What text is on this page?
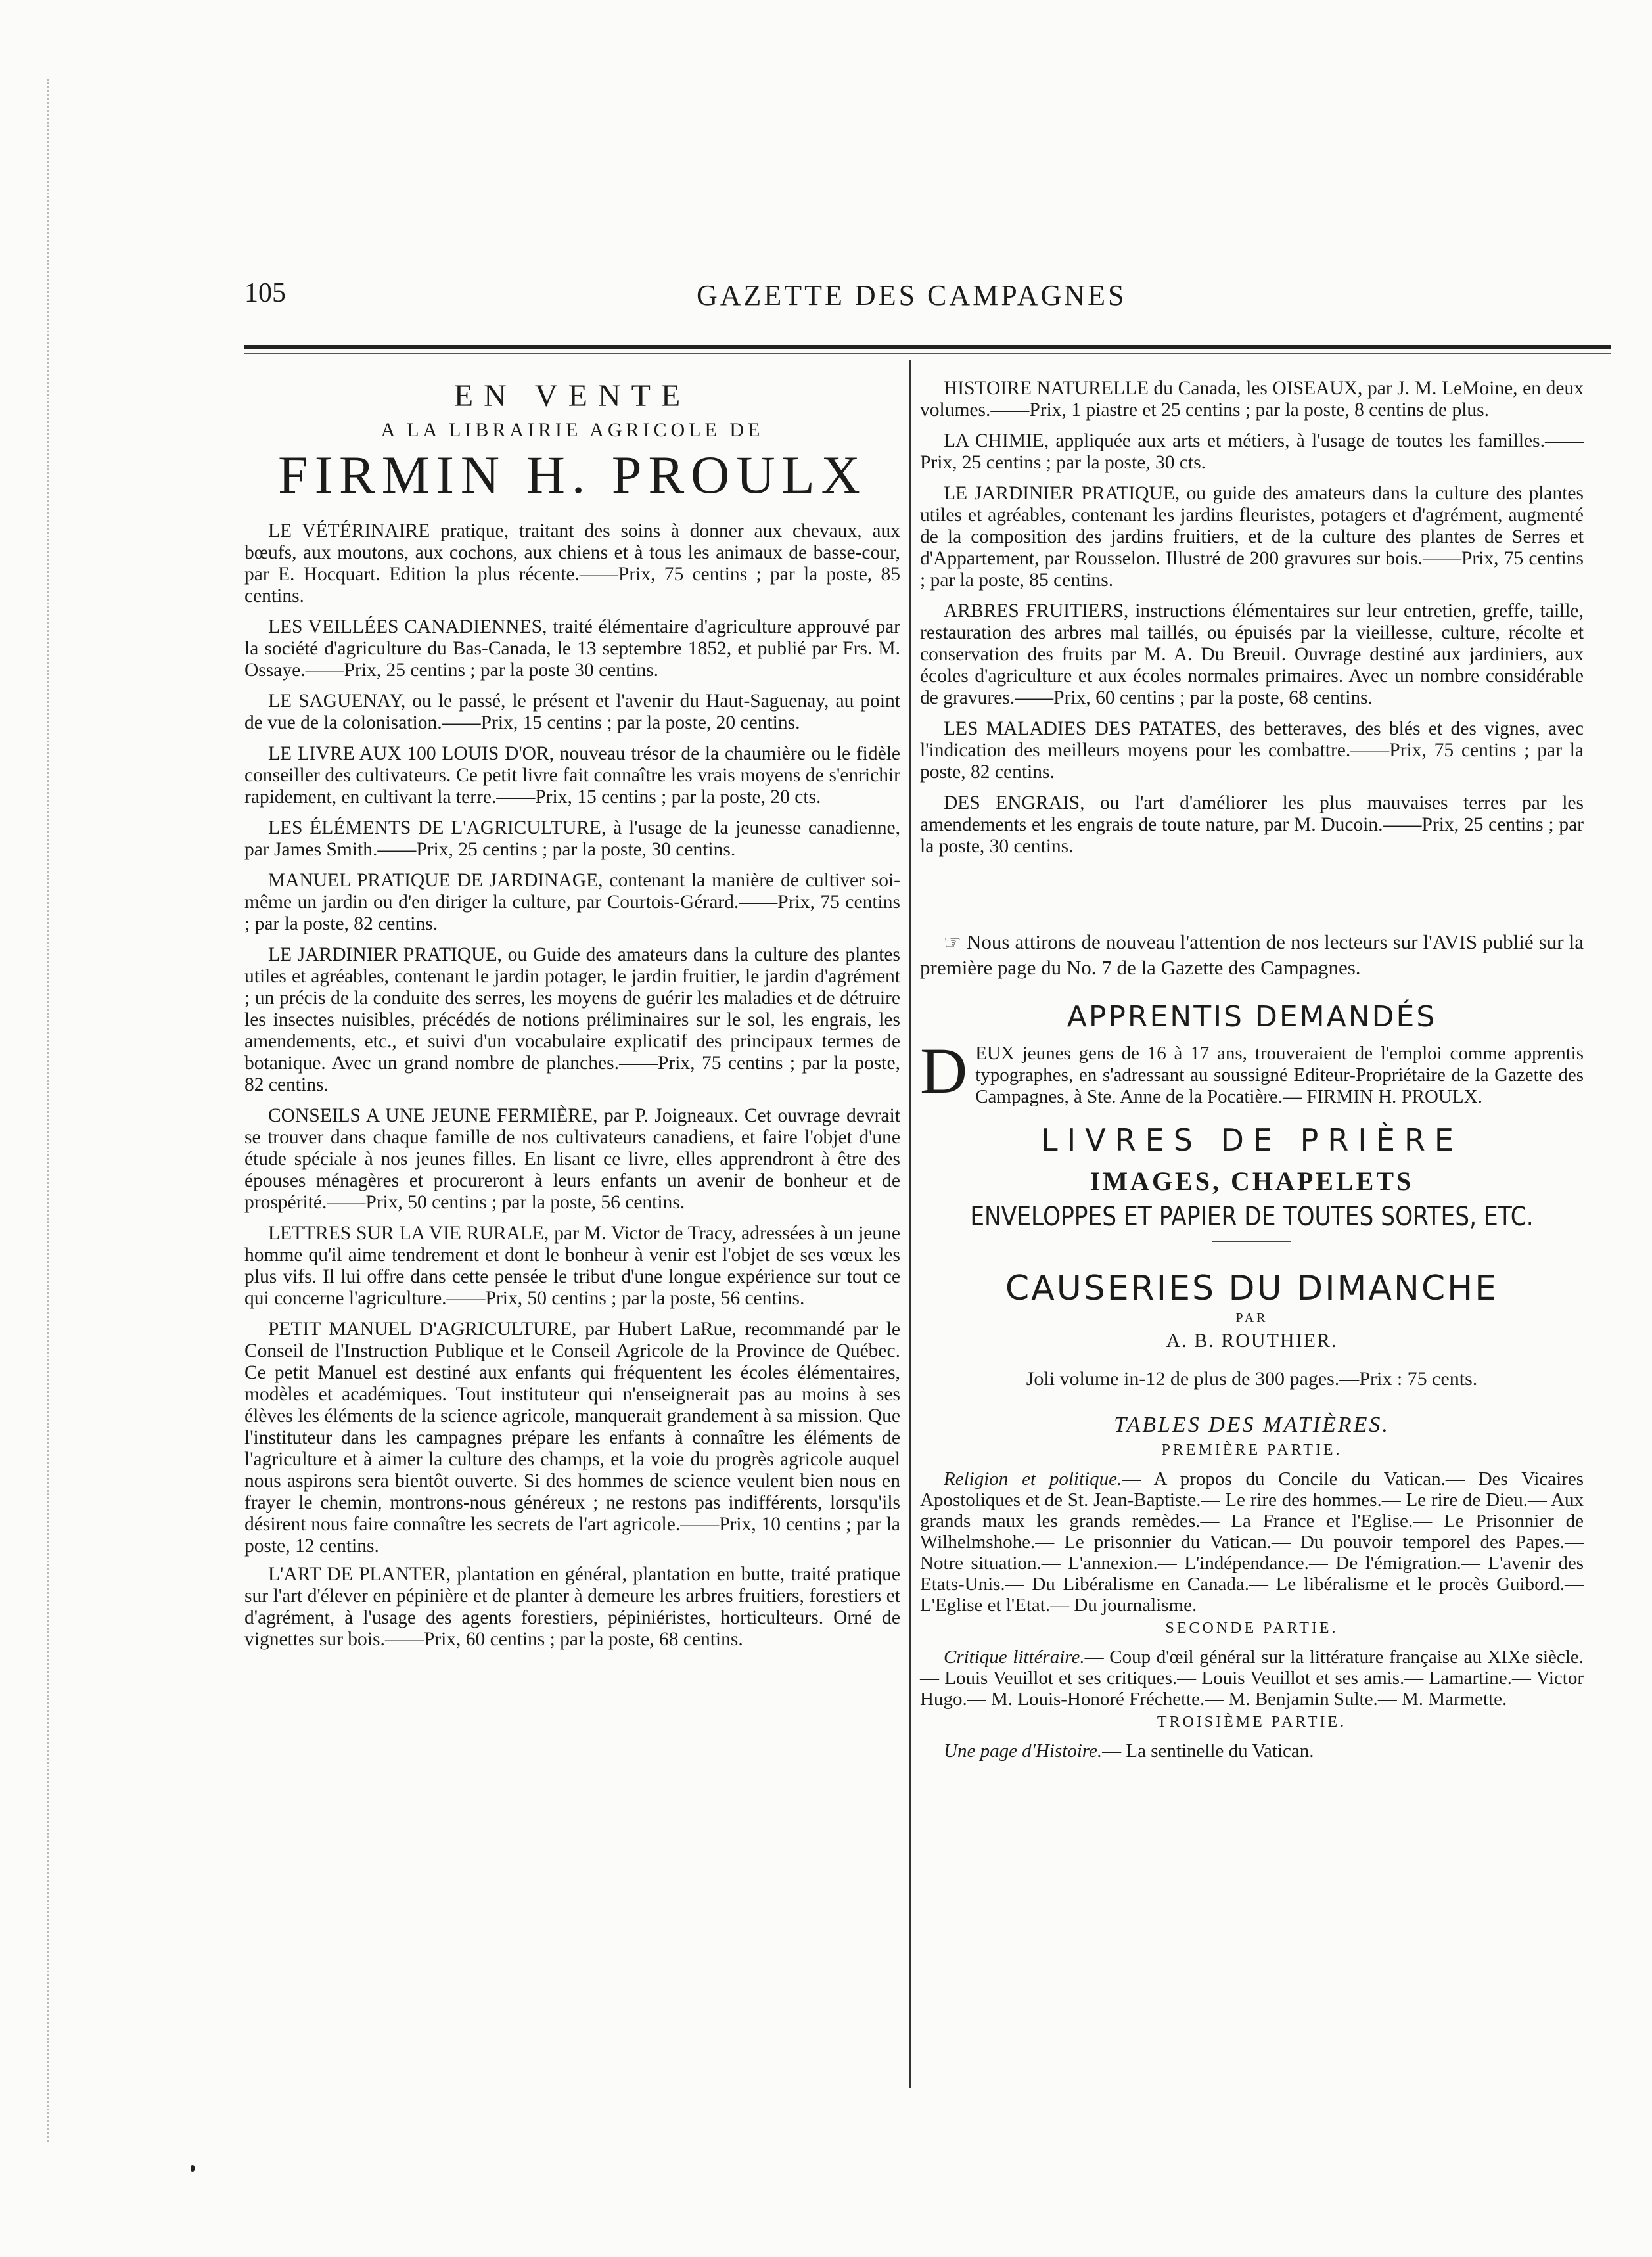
105	GAZETTE DES CAMPAGNES
EN VENTE
A LA LIBRAIRIE AGRICOLE DE
FIRMIN H. PROULX

LE VÉTÉRINAIRE pratique, traitant des soins à donner aux chevaux, aux bœufs, aux moutons, aux cochons, aux chiens et à tous les animaux de basse-cour, par E. Hocquart. Edition la plus récente.——Prix, 75 centins ; par la poste, 85 centins.

LES VEILLÉES CANADIENNES, traité élémentaire d'agriculture approuvé par la société d'agriculture du Bas-Canada, le 13 septembre 1852, et publié par Frs. M. Ossaye.——Prix, 25 centins ; par la poste 30 centins.

LE SAGUENAY, ou le passé, le présent et l'avenir du Haut-Saguenay, au point de vue de la colonisation.——Prix, 15 centins ; par la poste, 20 centins.

LE LIVRE AUX 100 LOUIS D'OR, nouveau trésor de la chaumière ou le fidèle conseiller des cultivateurs. Ce petit livre fait connaître les vrais moyens de s'enrichir rapidement, en cultivant la terre.——Prix, 15 centins ; par la poste, 20 cts.

LES ÉLÉMENTS DE L'AGRICULTURE, à l'usage de la jeunesse canadienne, par James Smith.——Prix, 25 centins ; par la poste, 30 centins.

MANUEL PRATIQUE DE JARDINAGE, contenant la manière de cultiver soi-même un jardin ou d'en diriger la culture, par Courtois-Gérard.——Prix, 75 centins ; par la poste, 82 centins.

LE JARDINIER PRATIQUE, ou Guide des amateurs dans la culture des plantes utiles et agréables, contenant le jardin potager, le jardin fruitier, le jardin d'agrément ; un précis de la conduite des serres, les moyens de guérir les maladies et de détruire les insectes nuisibles, précédés de notions préliminaires sur le sol, les engrais, les amendements, etc., et suivi d'un vocabulaire explicatif des principaux termes de botanique. Avec un grand nombre de planches.——Prix, 75 centins ; par la poste, 82 centins.

CONSEILS A UNE JEUNE FERMIÈRE, par P. Joigneaux. Cet ouvrage devrait se trouver dans chaque famille de nos cultivateurs canadiens, et faire l'objet d'une étude spéciale à nos jeunes filles. En lisant ce livre, elles apprendront à être des épouses ménagères et procureront à leurs enfants un avenir de bonheur et de prospérité.——Prix, 50 centins ; par la poste, 56 centins.

LETTRES SUR LA VIE RURALE, par M. Victor de Tracy, adressées à un jeune homme qu'il aime tendrement et dont le bonheur à venir est l'objet de ses vœux les plus vifs. Il lui offre dans cette pensée le tribut d'une longue expérience sur tout ce qui concerne l'agriculture.——Prix, 50 centins ; par la poste, 56 centins.

PETIT MANUEL D'AGRICULTURE, par Hubert LaRue, recommandé par le Conseil de l'Instruction Publique et le Conseil Agricole de la Province de Québec. Ce petit Manuel est destiné aux enfants qui fréquentent les écoles élémentaires, modèles et académiques. Tout instituteur qui n'enseignerait pas au moins à ses élèves les éléments de la science agricole, manquerait grandement à sa mission. Que l'instituteur dans les campagnes prépare les enfants à connaître les éléments de l'agriculture et à aimer la culture des champs, et la voie du progrès agricole auquel nous aspirons sera bientôt ouverte. Si des hommes de science veulent bien nous en frayer le chemin, montrons-nous généreux ; ne restons pas indifférents, lorsqu'ils désirent nous faire connaître les secrets de l'art agricole.——Prix, 10 centins ; par la poste, 12 centins.

L'ART DE PLANTER, plantation en général, plantation en butte, traité pratique sur l'art d'élever en pépinière et de planter à demeure les arbres fruitiers, forestiers et d'agrément, à l'usage des agents forestiers, pépiniéristes, horticulteurs. Orné de vignettes sur bois.——Prix, 60 centins ; par la poste, 68 centins.

HISTOIRE NATURELLE du Canada, les OISEAUX, par J. M. LeMoine, en deux volumes.——Prix, 1 piastre et 25 centins ; par la poste, 8 centins de plus.

LA CHIMIE, appliquée aux arts et métiers, à l'usage de toutes les familles.——Prix, 25 centins ; par la poste, 30 cts.

LE JARDINIER PRATIQUE, ou guide des amateurs dans la culture des plantes utiles et agréables, contenant les jardins fleuristes, potagers et d'agrément, augmenté de la composition des jardins fruitiers, et de la culture des plantes de Serres et d'Appartement, par Rousselon. Illustré de 200 gravures sur bois.——Prix, 75 centins ; par la poste, 85 centins.

ARBRES FRUITIERS, instructions élémentaires sur leur entretien, greffe, taille, restauration des arbres mal taillés, ou épuisés par la vieillesse, culture, récolte et conservation des fruits par M. A. Du Breuil. Ouvrage destiné aux jardiniers, aux écoles d'agriculture et aux écoles normales primaires. Avec un nombre considérable de gravures.——Prix, 60 centins ; par la poste, 68 centins.

LES MALADIES DES PATATES, des betteraves, des blés et des vignes, avec l'indication des meilleurs moyens pour les combattre.——Prix, 75 centins ; par la poste, 82 centins.

DES ENGRAIS, ou l'art d'améliorer les plus mauvaises terres par les amendements et les engrais de toute nature, par M. Ducoin.——Prix, 25 centins ; par la poste, 30 centins.

☞ Nous attirons de nouveau l'attention de nos lecteurs sur l'AVIS publié sur la première page du No. 7 de la Gazette des Campagnes.

APPRENTIS DEMANDÉS

D EUX jeunes gens de 16 à 17 ans, trouveraient de l'emploi comme apprentis typographes, en s'adressant au soussigné Editeur-Propriétaire de la Gazette des Campagnes, à Ste. Anne de la Pocatière.— FIRMIN H. PROULX.

LIVRES DE PRIÈRE
IMAGES, CHAPELETS
ENVELOPPES ET PAPIER DE TOUTES SORTES, ETC.
CAUSERIES DU DIMANCHE
PAR
A. B. ROUTHIER.
Joli volume in-12 de plus de 300 pages.—Prix : 75 cents.
TABLES DES MATIÈRES.
PREMIÈRE PARTIE.

Religion et politique.— A propos du Concile du Vatican.— Des Vicaires Apostoliques et de St. Jean-Baptiste.— Le rire des hommes.— Le rire de Dieu.— Aux grands maux les grands remèdes.— La France et l'Eglise.— Le Prisonnier de Wilhelmshohe.— Le prisonnier du Vatican.— Du pouvoir temporel des Papes.— Notre situation.— L'annexion.— L'indépendance.— De l'émigration.— L'avenir des Etats-Unis.— Du Libéralisme en Canada.— Le libéralisme et le procès Guibord.— L'Eglise et l'Etat.— Du journalisme.

SECONDE PARTIE.

Critique littéraire.— Coup d'œil général sur la littérature française au XIXe siècle.— Louis Veuillot et ses critiques.— Louis Veuillot et ses amis.— Lamartine.— Victor Hugo.— M. Louis-Honoré Fréchette.— M. Benjamin Sulte.— M. Marmette.

TROISIÈME PARTIE.

Une page d'Histoire.— La sentinelle du Vatican.
